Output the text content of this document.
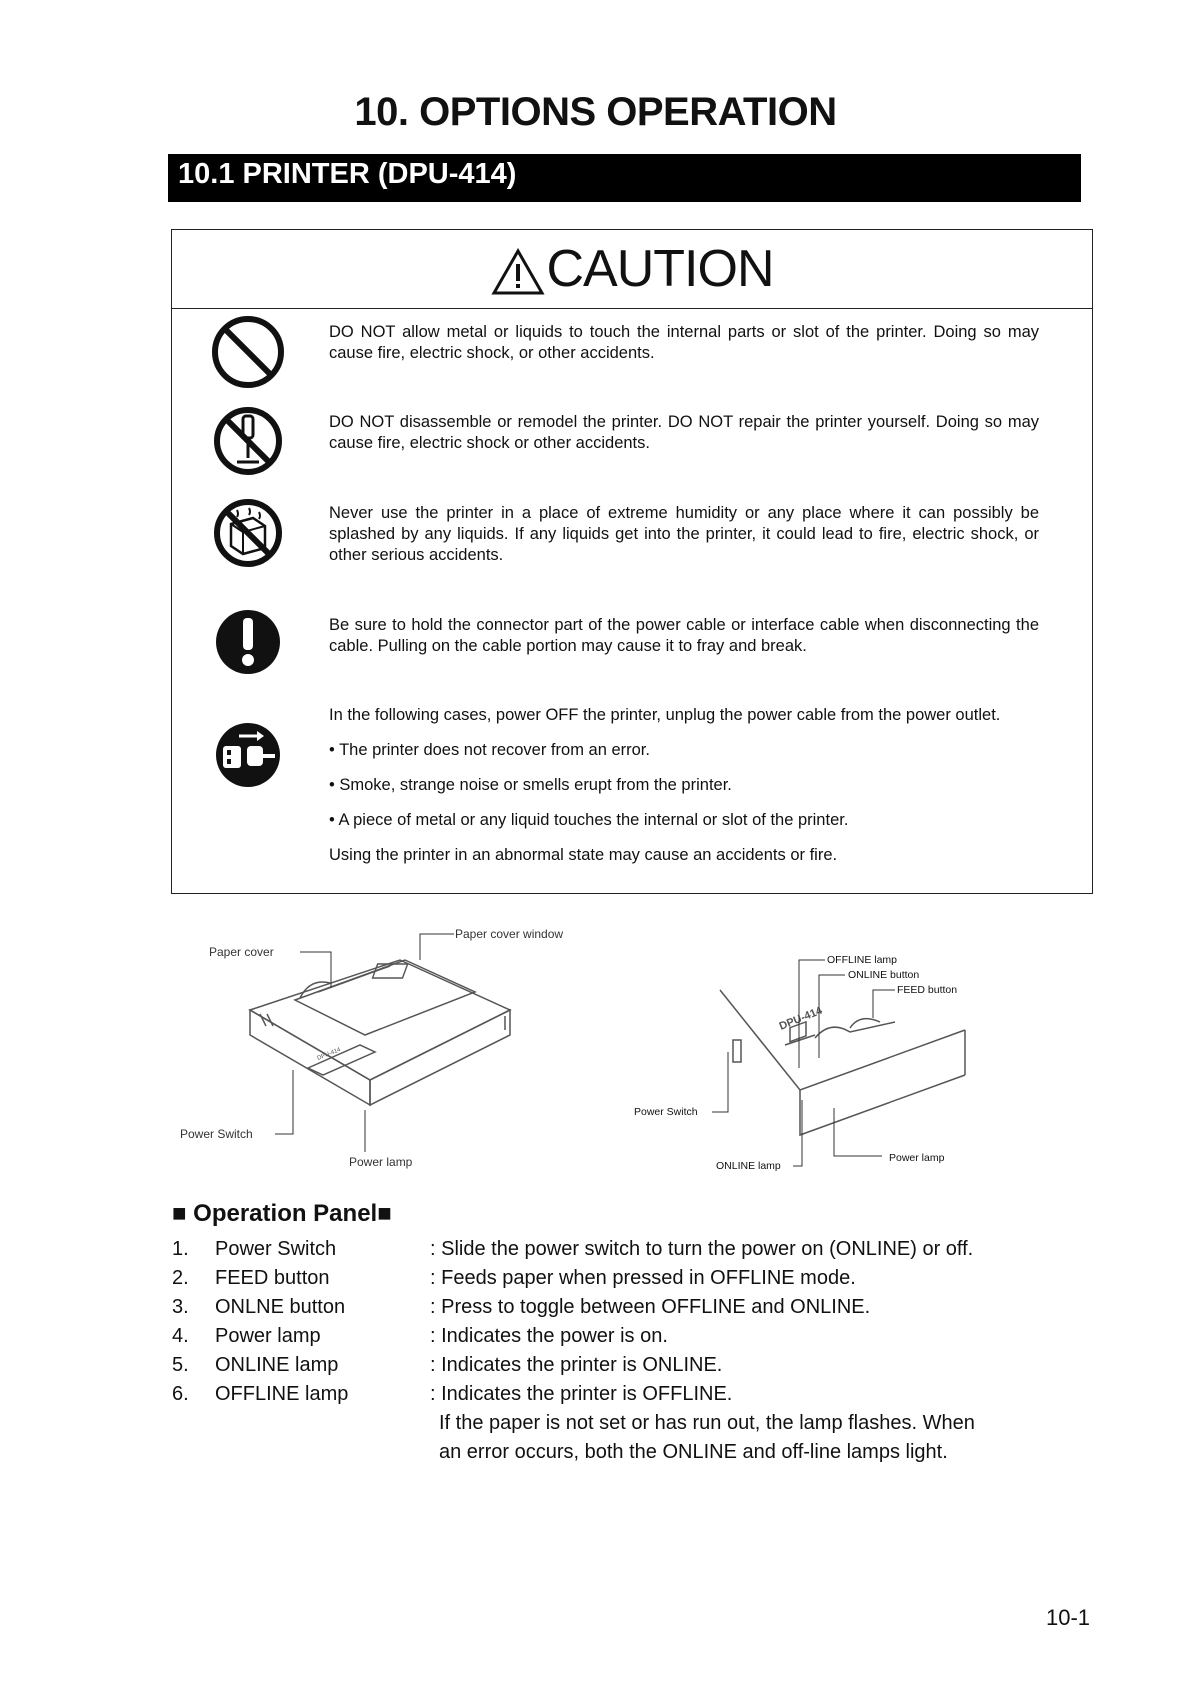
10. OPTIONS OPERATION
10.1 PRINTER (DPU-414)
CAUTION
DO NOT allow metal or liquids to touch the internal parts or slot of the printer. Doing so may cause fire, electric shock, or other accidents.
DO NOT disassemble or remodel the printer. DO NOT repair the printer yourself. Doing so may cause fire, electric shock or other accidents.
Never use the printer in a place of extreme humidity or any place where it can possibly be splashed by any liquids. If any liquids get into the printer, it could lead to fire, electric shock, or other serious accidents.
Be sure to hold the connector part of the power cable or interface cable when disconnecting the cable. Pulling on the cable portion may cause it to fray and break.
In the following cases, power OFF the printer, unplug the power cable from the power outlet.
• The printer does not recover from an error.
• Smoke, strange noise or smells erupt from the printer.
• A piece of metal or any liquid touches the internal or slot of the printer.
Using the printer in an abnormal state may cause an accidents or fire.
DPU-414
Paper cover
Paper cover window
Power Switch
Power lamp
DPU-414
OFFLINE lamp
ONLINE button
FEED button
Power Switch
ONLINE lamp
Power lamp
■ Operation Panel■
1. Power Switch	: Slide the power switch to turn the power on (ONLINE) or off.
2. FEED button	: Feeds paper when pressed in OFFLINE mode.
3. ONLNE button	: Press to toggle between OFFLINE and ONLINE.
4. Power lamp	: Indicates the power is on.
5. ONLINE lamp	: Indicates the printer is ONLINE.
6. OFFLINE lamp	: Indicates the printer is OFFLINE.
If the paper is not set or has run out, the lamp flashes. When
an error occurs, both the ONLINE and off-line lamps light.
10-1
